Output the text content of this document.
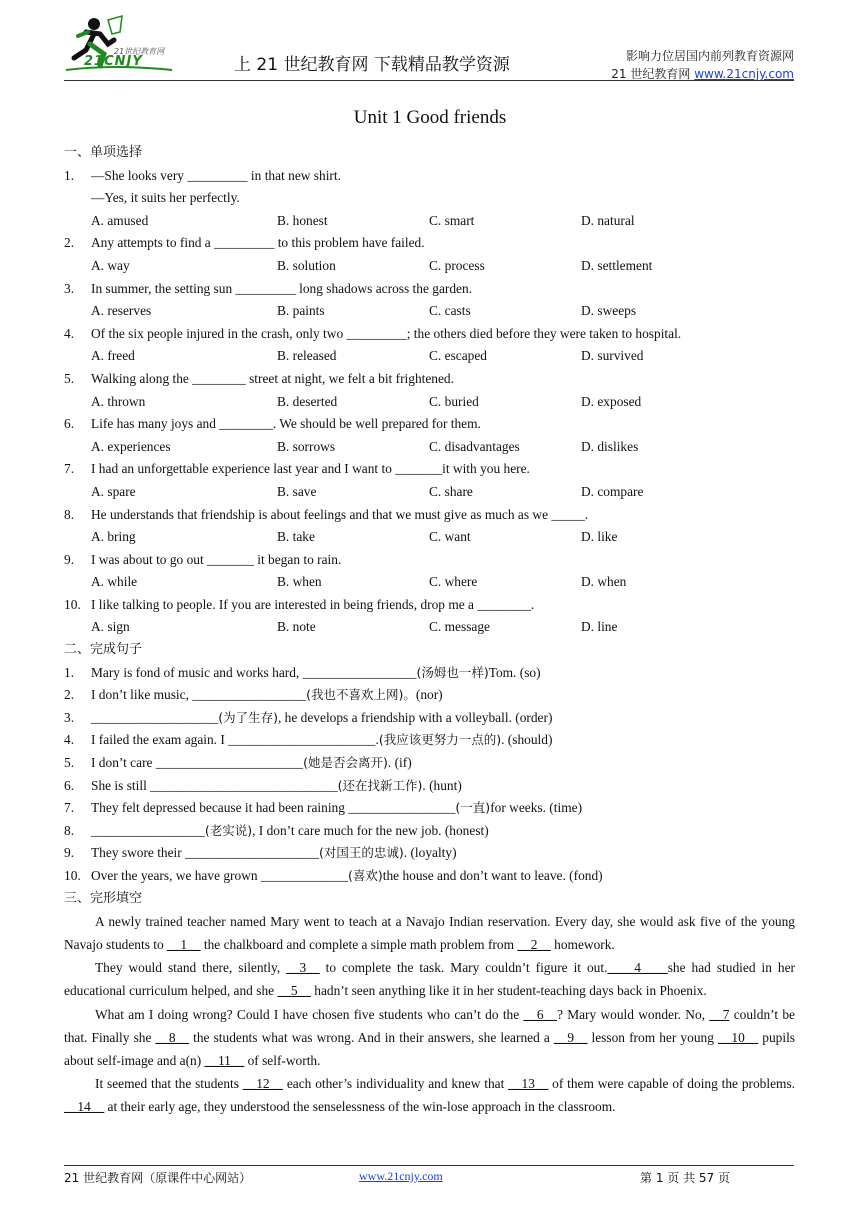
21世纪教育网
21CNJY	上 21 世纪教育网 下载精品教学资源	影响力位居国内前列教育资源网
21 世纪教育网 www.21cnjy.com
Unit 1 Good friends
一、单项选择
1. —She looks very _________ in that new shirt.
—Yes, it suits her perfectly.
A. amused	B. honest	C. smart	D. natural
2. Any attempts to find a _________ to this problem have failed.
A. way	B. solution	C. process	D. settlement
3. In summer, the setting sun _________ long shadows across the garden.
A. reserves	B. paints	C. casts	D. sweeps
4. Of the six people injured in the crash, only two _________; the others died before they were taken to hospital.
A. freed	B. released	C. escaped	D. survived
5. Walking along the ________ street at night, we felt a bit frightened.
A. thrown	B. deserted	C. buried	D. exposed
6. Life has many joys and ________. We should be well prepared for them.
A. experiences	B. sorrows	C. disadvantages	D. dislikes
7. I had an unforgettable experience last year and I want to _______it with you here.
A. spare	B. save	C. share	D. compare
8. He understands that friendship is about feelings and that we must give as much as we _____.
A. bring	B. take	C. want	D. like
9. I was about to go out _______ it began to rain.
A. while	B. when	C. where	D. when
10. I like talking to people. If you are interested in being friends, drop me a ________.
A. sign	B. note	C. message	D. line
二、完成句子
1. Mary is fond of music and works hard, _________________(汤姆也一样)Tom. (so)
2. I don’t like music, _________________(我也不喜欢上网)。(nor)
3. ___________________(为了生存), he develops a friendship with a volleyball. (order)
4. I failed the exam again. I ______________________.(我应该更努力一点的). (should)
5. I don’t care ______________________(她是否会离开). (if)
6. She is still ____________________________(还在找新工作). (hunt)
7. They felt depressed because it had been raining ________________(一直)for weeks. (time)
8. _________________(老实说), I don’t care much for the new job. (honest)
9. They swore their ____________________(对国王的忠诚). (loyalty)
10. Over the years, we have grown _____________(喜欢)the house and don’t want to leave. (fond)
三、完形填空

A newly trained teacher named Mary went to teach at a Navajo Indian reservation. Every day, she would ask five of the young Navajo students to __1__ the chalkboard and complete a simple math problem from __2__ homework.

They would stand there, silently, __3__ to complete the task. Mary couldn’t figure it out.____4____she had studied in her educational curriculum helped, and she __5__ hadn’t seen anything like it in her student-teaching days back in Phoenix.

What am I doing wrong? Could I have chosen five students who can’t do the __6__? Mary would wonder. No, __7 couldn’t be that. Finally she __8__ the students what was wrong. And in their answers, she learned a __9__ lesson from her young __10__ pupils about self-image and a(n) __11__ of self-worth.

It seemed that the students __12__ each other’s individuality and knew that __13__ of them were capable of doing the problems. __14__ at their early age, they understood the senselessness of the win-lose approach in the classroom.

21 世纪教育网（原课件中心网站）	www.21cnjy.com	第 1 页 共 57 页
